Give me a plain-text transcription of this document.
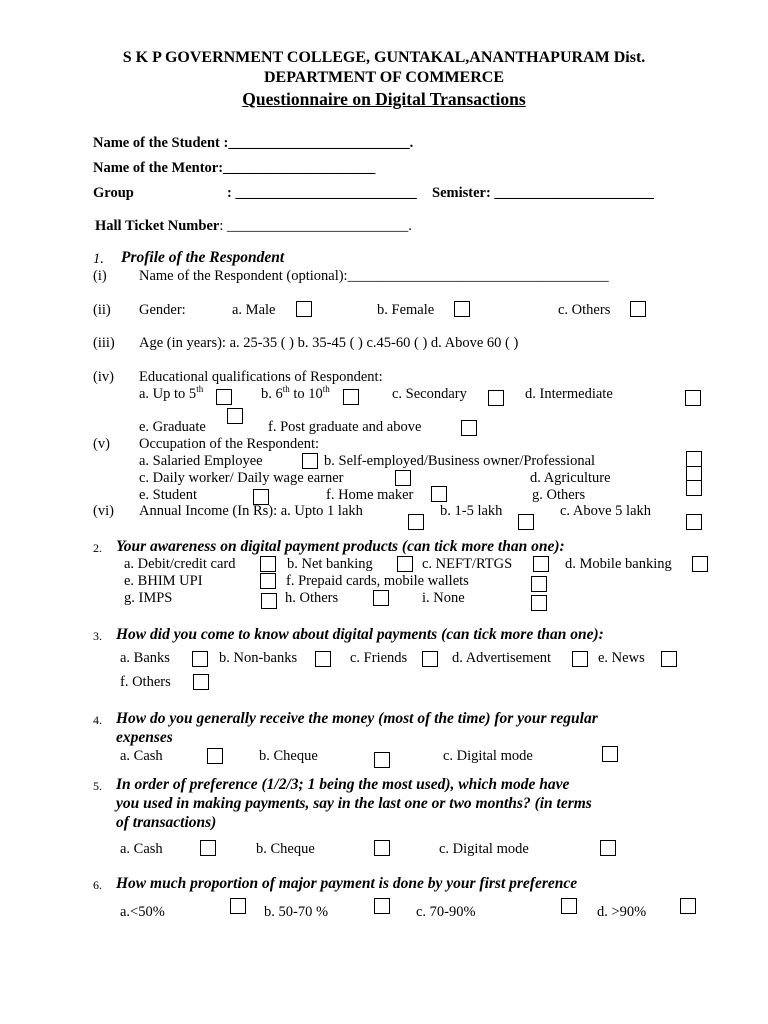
S K P GOVERNMENT COLLEGE, GUNTAKAL,ANANTHAPURAM Dist.
DEPARTMENT OF COMMERCE
Questionnaire on Digital Transactions
Name of the Student :_________________________.
Name of the Mentor:_____________________
Group	: _________________________ Semister: ______________________
Hall Ticket Number: _________________________.
1. Profile of the Respondent
(i) Name of the Respondent (optional):____________________________________
(ii) Gender:	a. Male	b. Female	c. Others
(iii) Age (in years): a. 25-35 ( ) b. 35-45 ( ) c.45-60 ( ) d. Above 60 ( )
(iv) Educational qualifications of Respondent:
a. Up to 5th	b. 6th to 10th	c. Secondary	d. Intermediate
e. Graduate	f. Post graduate and above
(v) Occupation of the Respondent:
a. Salaried Employee	b. Self-employed/Business owner/Professional
c. Daily worker/ Daily wage earner	d. Agriculture
e. Student	f. Home maker	g. Others
(vi) Annual Income (In Rs): a. Upto 1 lakh	b. 1-5 lakh	c. Above 5 lakh
2. Your awareness on digital payment products (can tick more than one):
a. Debit/credit card	b. Net banking	c. NEFT/RTGS	d. Mobile banking
e. BHIM UPI	f. Prepaid cards, mobile wallets
g. IMPS	h. Others	i. None
3. How did you come to know about digital payments (can tick more than one):
a. Banks	b. Non-banks	c. Friends	d. Advertisement	e. News
f. Others
4. How do you generally receive the money (most of the time) for your regular
expenses
a. Cash	b. Cheque	c. Digital mode
5. In order of preference (1/2/3; 1 being the most used), which mode have
you used in making payments, say in the last one or two months? (in terms
of transactions)
a. Cash	b. Cheque	c. Digital mode
6. How much proportion of major payment is done by your first preference
a.<50%	b. 50-70 %	c. 70-90%	d. >90%
